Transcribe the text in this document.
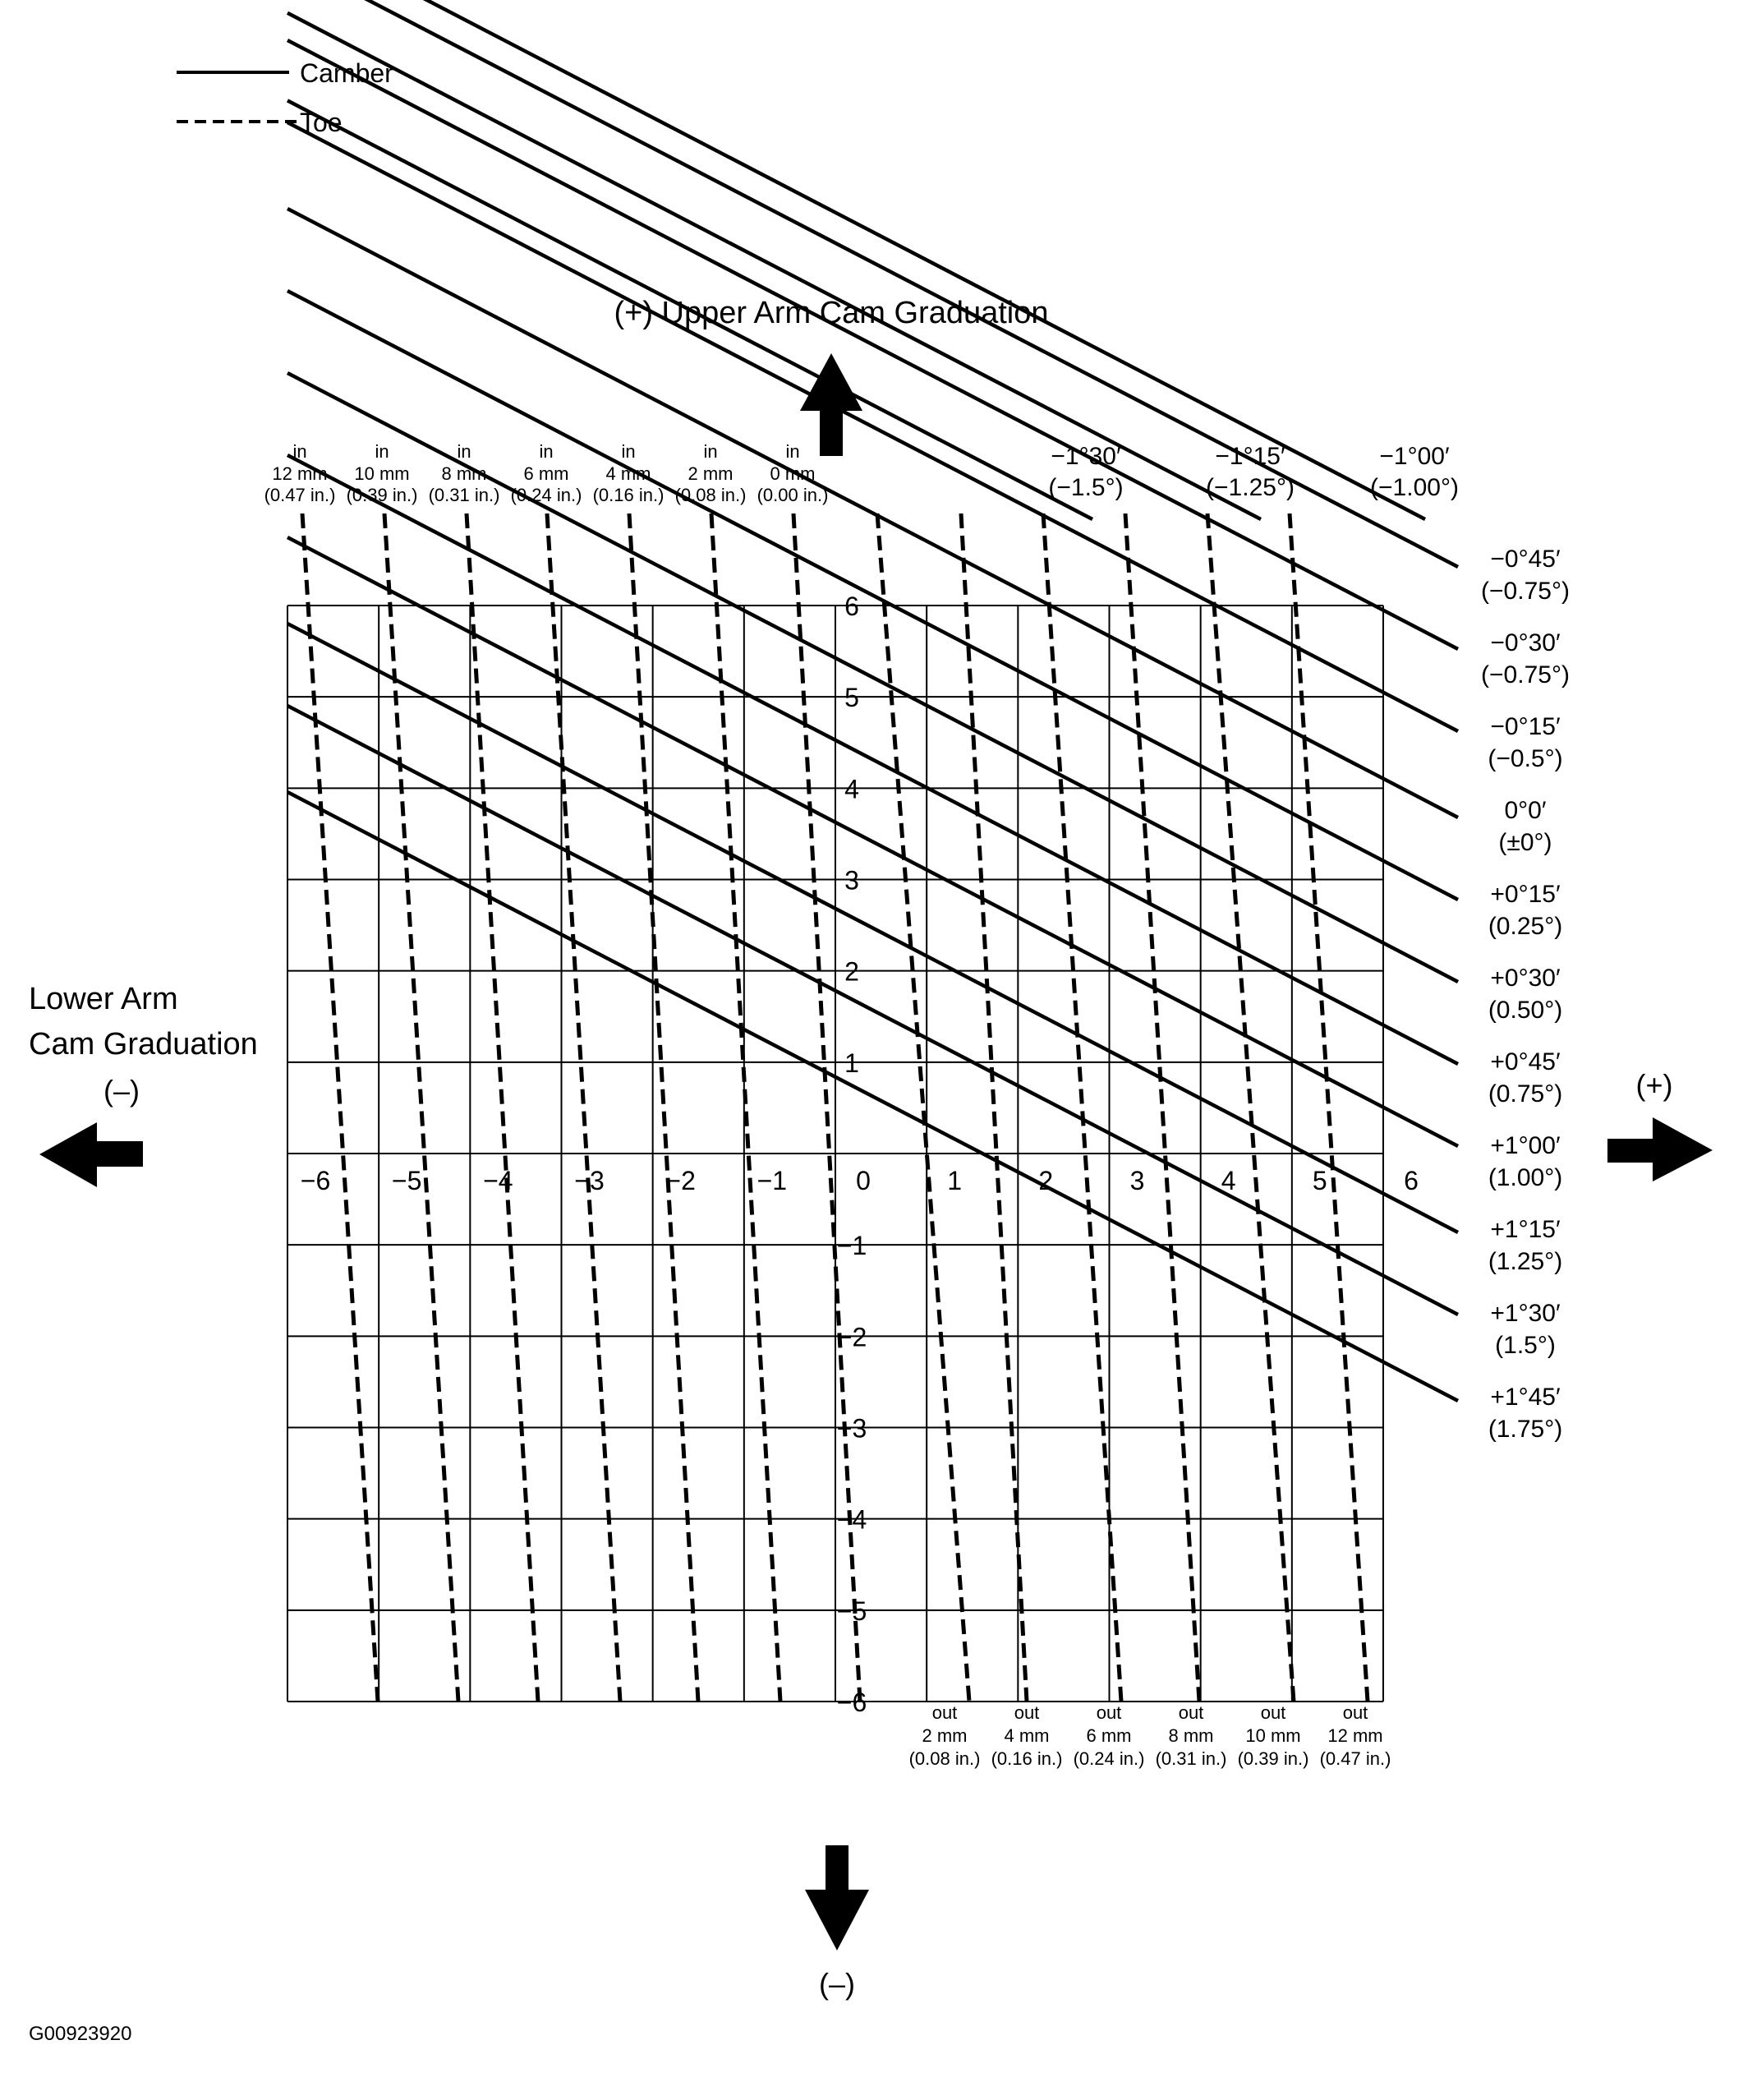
Camber
Toe
(+) Upper Arm Cam Graduation
−6 −5 −4 −3 −2 −1	0	1	2	3	4	5	6
6
5
4
3
2
1
−1
−2
−3
−4
−5
−6
in
12 mm
(0.47 in.)
in
10 mm
(0.39 in.)
in
8 mm
(0.31 in.)
in
6 mm
(0.24 in.)
in
4 mm
(0.16 in.)
in
2 mm
(0.08 in.)
in
0 mm
(0.00 in.)
out
2 mm
(0.08 in.)
out
4 mm
(0.16 in.)
out
6 mm
(0.24 in.)
out
8 mm
(0.31 in.)
out
10 mm
(0.39 in.)
out
12 mm
(0.47 in.)
−1°30′
(−1.5°)
−1°15′
(−1.25°)
−1°00′
(−1.00°)
−0°45′
(−0.75°)
−0°30′
(−0.75°)
−0°15′
(−0.5°)
0°0′
(±0°)
+0°15′
(0.25°)
+0°30′
(0.50°)
+0°45′
(0.75°)
+1°00′
(1.00°)
+1°15′
(1.25°)
+1°30′
(1.5°)
+1°45′
(1.75°)
Lower Arm
Cam Graduation
(–)	(+)
(–)
G00923920
